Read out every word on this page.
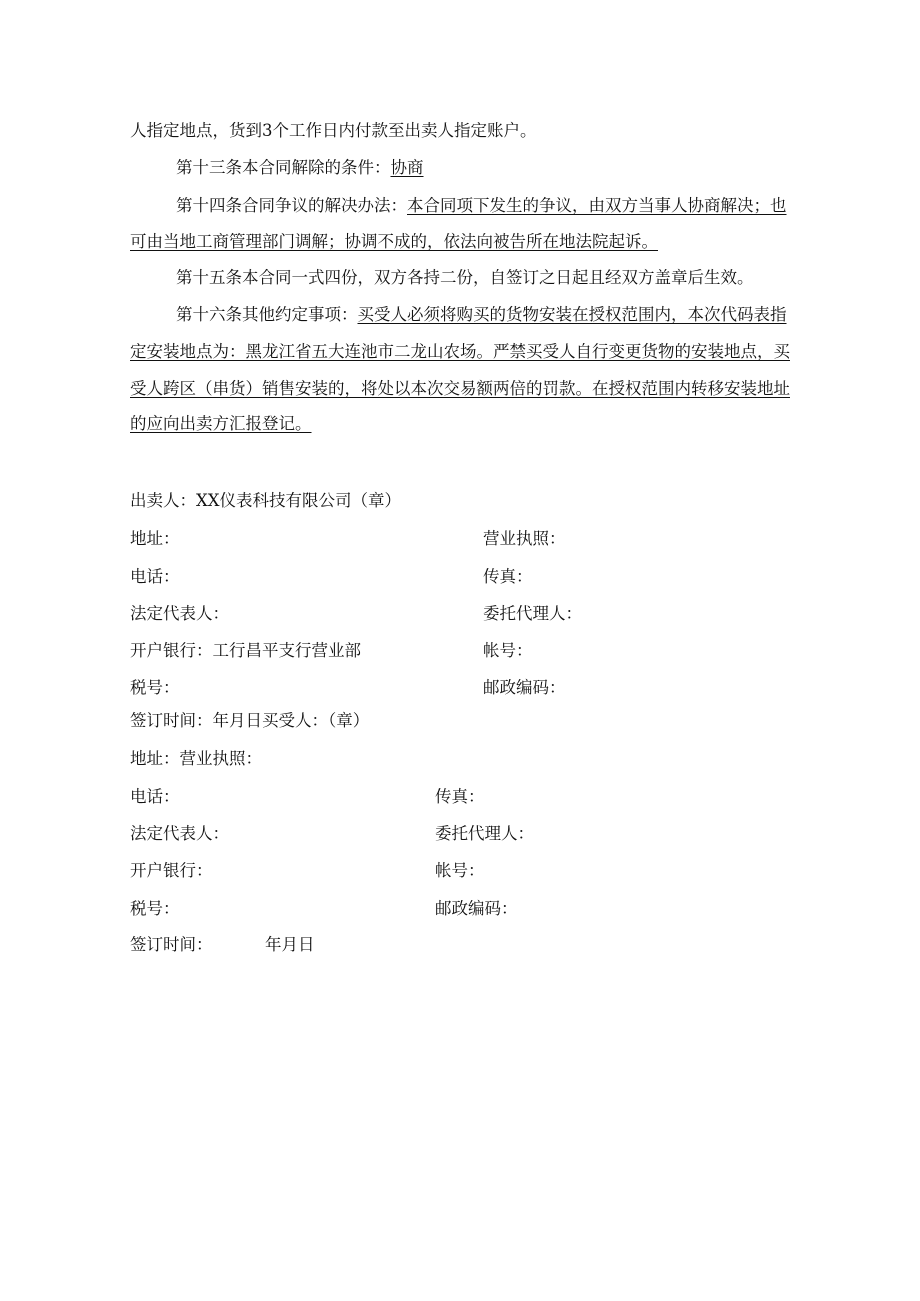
人指定地点，货到3个工作日内付款至出卖人指定账户。
第十三条本合同解除的条件：协商
第十四条合同争议的解决办法：本合同项下发生的争议，由双方当事人协商解决；也
可由当地工商管理部门调解；协调不成的，依法向被告所在地法院起诉。
第十五条本合同一式四份，双方各持二份，自签订之日起且经双方盖章后生效。
第十六条其他约定事项：买受人必须将购买的货物安装在授权范围内，本次代码表指
定安装地点为：黑龙江省五大连池市二龙山农场。严禁买受人自行变更货物的安装地点，买
受人跨区（串货）销售安装的，将处以本次交易额两倍的罚款。在授权范围内转移安装地址
的应向出卖方汇报登记。
出卖人：XX仪表科技有限公司（章）
地址：	营业执照：
电话：	传真：
法定代表人：	委托代理人：
开户银行：工行昌平支行营业部	帐号：
税号：	邮政编码：
签订时间：年月日买受人：（章）
地址：营业执照：
电话：	传真：
法定代表人：	委托代理人：
开户银行：	帐号：
税号：	邮政编码：
签订时间：	年月日
